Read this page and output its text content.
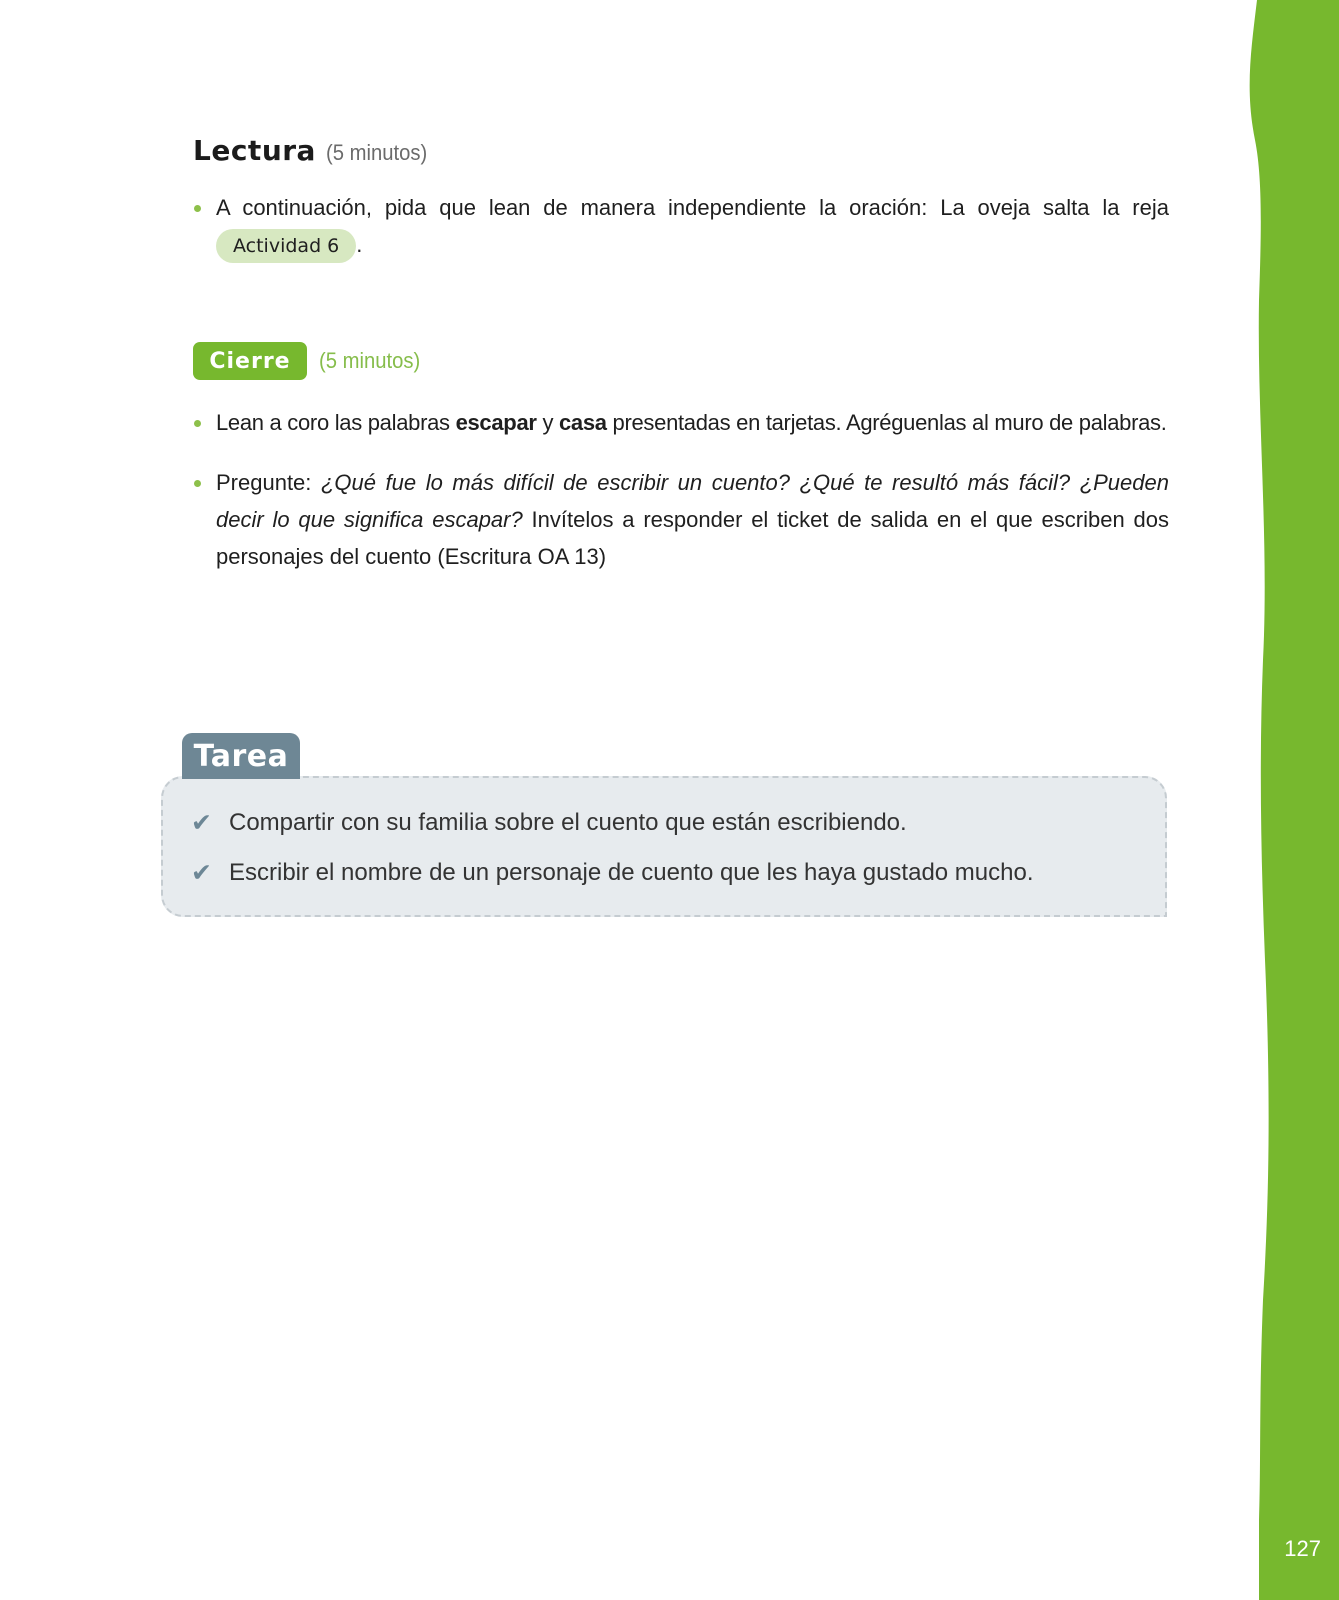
127
Lectura (5 minutos)
A continuación, pida que lean de manera independiente la oración: La oveja salta la reja
Actividad 6 .
Cierre	(5 minutos)
Lean a coro las palabras escapar y casa presentadas en tarjetas. Agréguenlas al muro de palabras.
Pregunte: ¿Qué fue lo más difícil de escribir un cuento? ¿Qué te resultó más fácil? ¿Pueden decir lo que significa escapar? Invítelos a responder el ticket de salida en el que escriben dos personajes del cuento (Escritura OA 13)
Tarea
✔ Compartir con su familia sobre el cuento que están escribiendo.
✔ Escribir el nombre de un personaje de cuento que les haya gustado mucho.
